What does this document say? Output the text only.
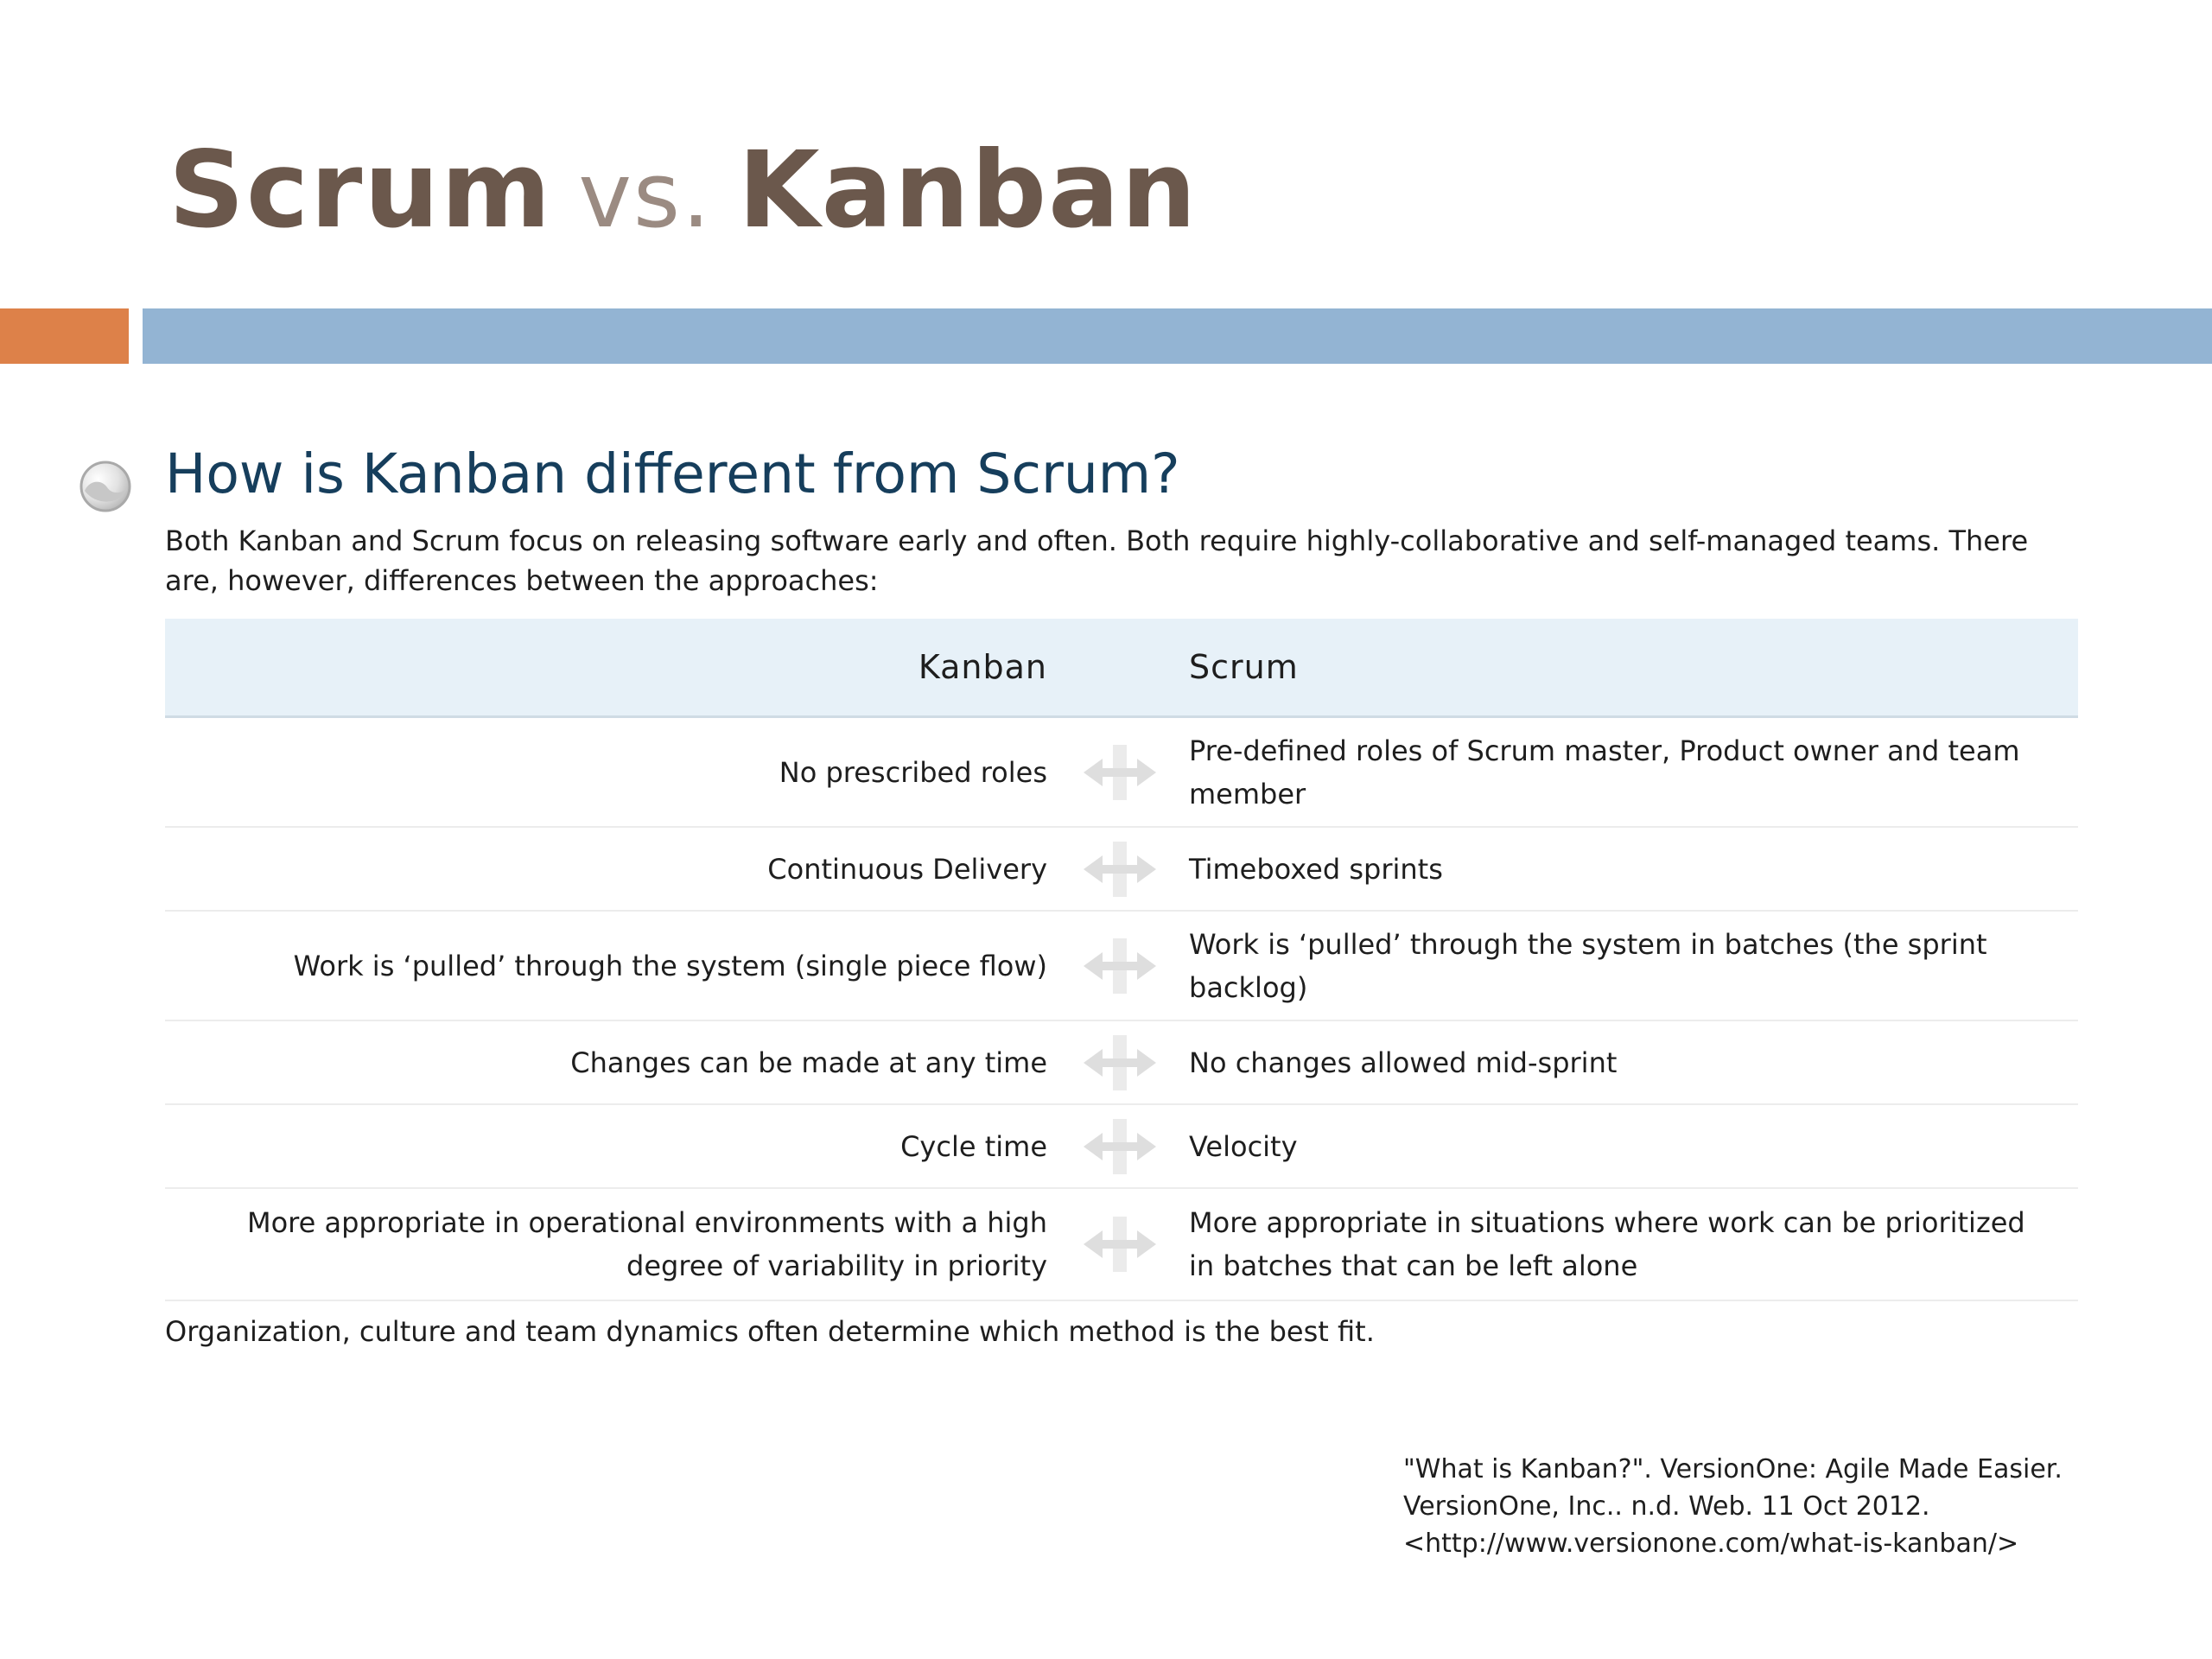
Scrum vs. Kanban
How is Kanban different from Scrum?

Both Kanban and Scrum focus on releasing software early and often. Both require highly-collaborative and self-managed teams. There are, however, differences between the approaches:

Kanban		Scrum
No prescribed roles		Pre-defined roles of Scrum master, Product owner and team member
Continuous Delivery		Timeboxed sprints
Work is ‘pulled’ through the system (single piece flow)		Work is ‘pulled’ through the system in batches (the sprint backlog)
Changes can be made at any time		No changes allowed mid-sprint
Cycle time		Velocity
More appropriate in operational environments with a high degree of variability in priority		More appropriate in situations where work can be prioritized in batches that can be left alone

Organization, culture and team dynamics often determine which method is the best fit.

"What is Kanban?". VersionOne: Agile Made Easier.
VersionOne, Inc.. n.d. Web. 11 Oct 2012.
<http://www.versionone.com/what-is-kanban/>
